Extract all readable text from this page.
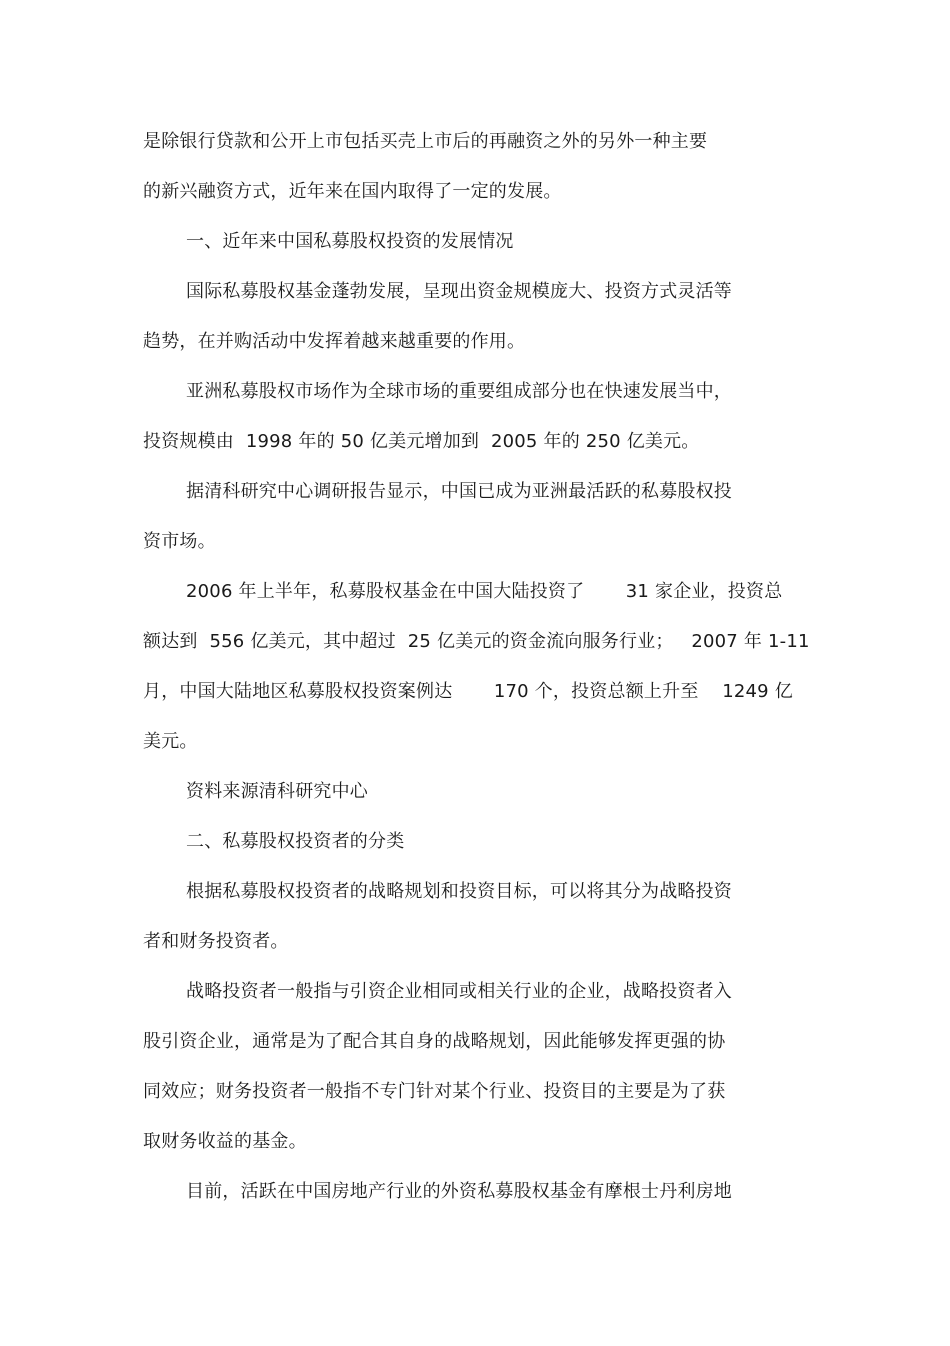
是除银行贷款和公开上市包括买壳上市后的再融资之外的另外一种主要
的新兴融资方式，近年来在国内取得了一定的发展。
一、近年来中国私募股权投资的发展情况
国际私募股权基金蓬勃发展，呈现出资金规模庞大、投资方式灵活等
趋势，在并购活动中发挥着越来越重要的作用。
亚洲私募股权市场作为全球市场的重要组成部分也在快速发展当中，
投资规模由  1998 年的 50 亿美元增加到  2005 年的 250 亿美元。
据清科研究中心调研报告显示，中国已成为亚洲最活跃的私募股权投
资市场。
2006 年上半年，私募股权基金在中国大陆投资了       31 家企业，投资总
额达到  556 亿美元，其中超过  25 亿美元的资金流向服务行业；   2007 年 1-11
月，中国大陆地区私募股权投资案例达       170 个，投资总额上升至    1249 亿
美元。
资料来源清科研究中心
二、私募股权投资者的分类
根据私募股权投资者的战略规划和投资目标，可以将其分为战略投资
者和财务投资者。
战略投资者一般指与引资企业相同或相关行业的企业，战略投资者入
股引资企业，通常是为了配合其自身的战略规划，因此能够发挥更强的协
同效应；财务投资者一般指不专门针对某个行业、投资目的主要是为了获
取财务收益的基金。
目前，活跃在中国房地产行业的外资私募股权基金有摩根士丹利房地
